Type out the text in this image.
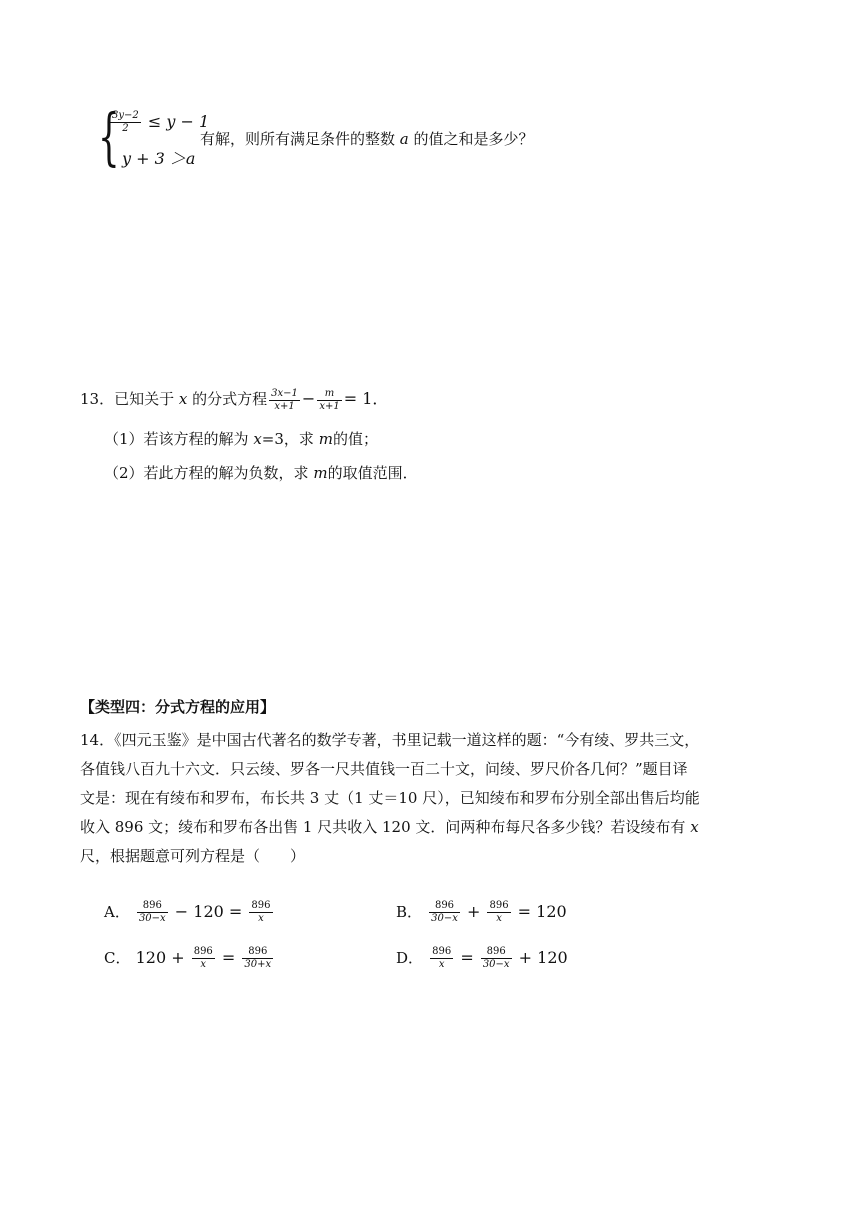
{
$\frac{3y-2}{2} \le y - 1$
y + 3 ＞a
有解，则所有满足条件的整数 a 的值之和是多少？
13．已知关于 x 的分式方程 $\frac{3x-1}{x+1} - \frac{m}{x+1} = 1$．
（1）若该方程的解为 x=3，求 m的值；
（2）若此方程的解为负数，求 m的取值范围．
【类型四：分式方程的应用】
14．《四元玉鉴》是中国古代著名的数学专著，书里记载一道这样的题：“今有绫、罗共三文，
各值钱八百九十六文．只云绫、罗各一尺共值钱一百二十文，问绫、罗尺价各几何？”题目译
文是：现在有绫布和罗布，布长共 3 丈（1 丈＝10 尺），已知绫布和罗布分别全部出售后均能
收入 896 文；绫布和罗布各出售 1 尺共收入 120 文．问两种布每尺各多少钱？若设绫布有 x
尺，根据题意可列方程是（　　）
A． $\frac{896}{30-x} - 120 = \frac{896}{x}$	B． $\frac{896}{30-x} + \frac{896}{x} = 120$
C． $120 + \frac{896}{x} = \frac{896}{30+x}$	D． $\frac{896}{x} = \frac{896}{30-x} + 120$
